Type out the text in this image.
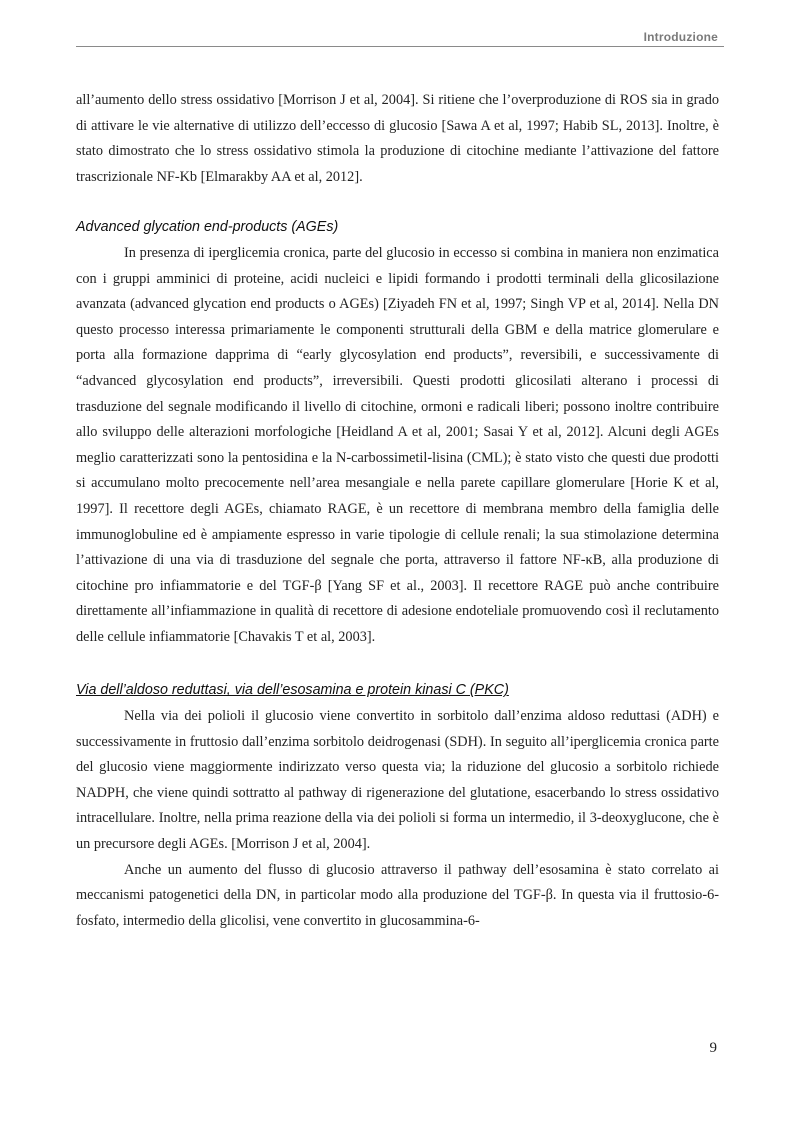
Introduzione

all’aumento dello stress ossidativo [Morrison J et al, 2004]. Si ritiene che l’overproduzione di ROS sia in grado di attivare le vie alternative di utilizzo dell’eccesso di glucosio [Sawa A et al, 1997; Habib SL, 2013]. Inoltre, è stato dimostrato che lo stress ossidativo stimola la produzione di citochine mediante l’attivazione del fattore trascrizionale NF-Kb [Elmarakby AA et al, 2012].

Advanced glycation end-products (AGEs)

In presenza di iperglicemia cronica, parte del glucosio in eccesso si combina in maniera non enzimatica con i gruppi amminici di proteine, acidi nucleici e lipidi formando i prodotti terminali della glicosilazione avanzata (advanced glycation end products o AGEs) [Ziyadeh FN et al, 1997; Singh VP et al, 2014]. Nella DN questo processo interessa primariamente le componenti strutturali della GBM e della matrice glomerulare e porta alla formazione dapprima di “early glycosylation end products”, reversibili, e successivamente di “advanced glycosylation end products”, irreversibili. Questi prodotti glicosilati alterano i processi di trasduzione del segnale modificando il livello di citochine, ormoni e radicali liberi; possono inoltre contribuire allo sviluppo delle alterazioni morfologiche [Heidland A et al, 2001; Sasai Y et al, 2012]. Alcuni degli AGEs meglio caratterizzati sono la pentosidina e la N-carbossimetil-lisina (CML); è stato visto che questi due prodotti si accumulano molto precocemente nell’area mesangiale e nella parete capillare glomerulare [Horie K et al, 1997]. Il recettore degli AGEs, chiamato RAGE, è un recettore di membrana membro della famiglia delle immunoglobuline ed è ampiamente espresso in varie tipologie di cellule renali; la sua stimolazione determina l’attivazione di una via di trasduzione del segnale che porta, attraverso il fattore NF-κB, alla produzione di citochine pro infiammatorie e del TGF-β [Yang SF et al., 2003]. Il recettore RAGE può anche contribuire direttamente all’infiammazione in qualità di recettore di adesione endoteliale promuovendo così il reclutamento delle cellule infiammatorie [Chavakis T et al, 2003].

Via dell’aldoso reduttasi, via dell’esosamina e protein kinasi C (PKC)

Nella via dei polioli il glucosio viene convertito in sorbitolo dall’enzima aldoso reduttasi (ADH) e successivamente in fruttosio dall’enzima sorbitolo deidrogenasi (SDH). In seguito all’iperglicemia cronica parte del glucosio viene maggiormente indirizzato verso questa via; la riduzione del glucosio a sorbitolo richiede NADPH, che viene quindi sottratto al pathway di rigenerazione del glutatione, esacerbando lo stress ossidativo intracellulare. Inoltre, nella prima reazione della via dei polioli si forma un intermedio, il 3-deoxyglucone, che è un precursore degli AGEs. [Morrison J et al, 2004].

Anche un aumento del flusso di glucosio attraverso il pathway dell’esosamina è stato correlato ai meccanismi patogenetici della DN, in particolar modo alla produzione del TGF-β. In questa via il fruttosio-6-fosfato, intermedio della glicolisi, vene convertito in glucosammina-6-

9
